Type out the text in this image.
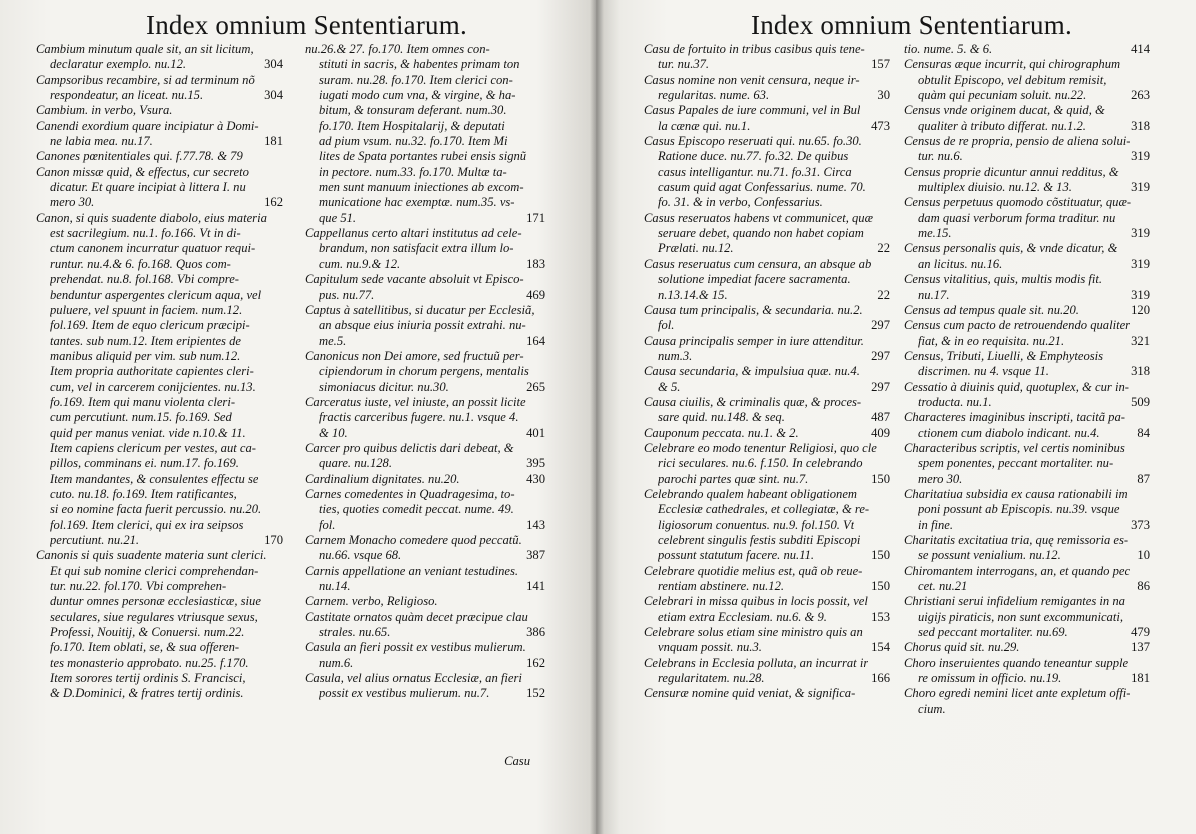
Index omnium Sententiarum.
Cambium minutum quale sit, an sit licitum,
declaratur exemplo. nu.12.	304
Campsoribus recambire, si ad terminum nõ
respondeatur, an liceat. nu.15.	304
Cambium. in verbo, Vsura.
Canendi exordium quare incipiatur à Domi-
ne labia mea. nu.17.	181
Canones pœnitentiales qui. f.77.78. & 79
Canon missæ quid, & effectus, cur secreto
dicatur. Et quare incipiat à littera I. nu
mero 30.	162
Canon, si quis suadente diabolo, eius materia
est sacrilegium. nu.1. fo.166. Vt in di-
ctum canonem incurratur quatuor requi-
runtur. nu.4.& 6. fo.168. Quos com-
prehendat. nu.8. fol.168. Vbi compre-
benduntur aspergentes clericum aqua, vel
puluere, vel spuunt in faciem. num.12.
fol.169. Item de equo clericum præcipi-
tantes. sub num.12. Item eripientes de
manibus aliquid per vim. sub num.12.
Item propria authoritate capientes cleri-
cum, vel in carcerem conijcientes. nu.13.
fo.169. Item qui manu violenta cleri-
cum percutiunt. num.15. fo.169. Sed
quid per manus veniat. vide n.10.& 11.
Item capiens clericum per vestes, aut ca-
pillos, comminans ei. num.17. fo.169.
Item mandantes, & consulentes effectu se
cuto. nu.18. fo.169. Item ratificantes,
si eo nomine facta fuerit percussio. nu.20.
fol.169. Item clerici, qui ex ira seipsos
percutiunt. nu.21.	170
Canonis si quis suadente materia sunt clerici.
Et qui sub nomine clerici comprehendan-
tur. nu.22. fol.170. Vbi comprehen-
duntur omnes personæ ecclesiasticæ, siue
seculares, siue regulares vtriusque sexus,
Professi, Nouitij, & Conuersi. num.22.
fo.170. Item oblati, se, & sua offeren-
tes monasterio approbato. nu.25. f.170.
Item sorores tertij ordinis S. Francisci,
& D.Dominici, & fratres tertij ordinis.
nu.26.& 27. fo.170. Item omnes con-
stituti in sacris, & habentes primam ton
suram. nu.28. fo.170. Item clerici con-
iugati modo cum vna, & virgine, & ha-
bitum, & tonsuram deferant. num.30.
fo.170. Item Hospitalarij, & deputati
ad pium vsum. nu.32. fo.170. Item Mi
lites de Spata portantes rubei ensis signũ
in pectore. num.33. fo.170. Multæ ta-
men sunt manuum iniectiones ab excom-
municatione hac exemptæ. num.35. vs-
que 51.	171
Cappellanus certo altari institutus ad cele-
brandum, non satisfacit extra illum lo-
cum. nu.9.& 12.	183
Capitulum sede vacante absoluit vt Episco-
pus. nu.77.	469
Captus à satellitibus, si ducatur per Ecclesiã,
an absque eius iniuria possit extrahi. nu-
me.5.	164
Canonicus non Dei amore, sed fructuũ per-
cipiendorum in chorum pergens, mentalis
simoniacus dicitur. nu.30.	265
Carceratus iuste, vel iniuste, an possit licite
fractis carceribus fugere. nu.1. vsque 4.
& 10.	401
Carcer pro quibus delictis dari debeat, &
quare. nu.128.	395
Cardinalium dignitates. nu.20.	430
Carnes comedentes in Quadragesima, to-
ties, quoties comedit peccat. nume. 49.
fol.	143
Carnem Monacho comedere quod peccatũ.
nu.66. vsque 68.	387
Carnis appellatione an veniant testudines.
nu.14.	141
Carnem. verbo, Religioso.
Castitate ornatos quàm decet præcipue clau
strales. nu.65.	386
Casula an fieri possit ex vestibus mulierum.
num.6.	162
Casula, vel alius ornatus Ecclesiæ, an fieri
possit ex vestibus mulierum. nu.7.	152
Casu
Index omnium Sententiarum.
Casu de fortuito in tribus casibus quis tene-
tur. nu.37.	157
Casus nomine non venit censura, neque ir-
regularitas. nume. 63.	30
Casus Papales de iure communi, vel in Bul
la cænæ qui. nu.1.	473
Casus Episcopo reseruati qui. nu.65. fo.30.
Ratione duce. nu.77. fo.32. De quibus
casus intelligantur. nu.71. fo.31. Circa
casum quid agat Confessarius. nume. 70.
fo. 31. & in verbo, Confessarius.
Casus reseruatos habens vt communicet, quæ
seruare debet, quando non habet copiam
Prælati. nu.12.	22
Casus reseruatus cum censura, an absque ab
solutione impediat facere sacramenta.
n.13.14.& 15.	22
Causa tum principalis, & secundaria. nu.2.
fol.	297
Causa principalis semper in iure attenditur.
num.3.	297
Causa secundaria, & impulsiua quæ. nu.4.
& 5.	297
Causa ciuilis, & criminalis quæ, & proces-
sare quid. nu.148. & seq.	487
Cauponum peccata. nu.1. & 2.	409
Celebrare eo modo tenentur Religiosi, quo cle
rici seculares. nu.6. f.150. In celebrando
parochi partes quæ sint. nu.7.	150
Celebrando qualem habeant obligationem
Ecclesiæ cathedrales, et collegiatæ, & re-
ligiosorum conuentus. nu.9. fol.150. Vt
celebrent singulis festis subditi Episcopi
possunt statutum facere. nu.11.	150
Celebrare quotidie melius est, quã ob reue-
rentiam abstinere. nu.12.	150
Celebrari in missa quibus in locis possit, vel
etiam extra Ecclesiam. nu.6. & 9.	153
Celebrare solus etiam sine ministro quis an
vnquam possit. nu.3.	154
Celebrans in Ecclesia polluta, an incurrat ir
regularitatem. nu.28.	166
Censuræ nomine quid veniat, & significa-
tio. nume. 5. & 6.	414
Censuras æque incurrit, qui chirographum
obtulit Episcopo, vel debitum remisit,
quàm qui pecuniam soluit. nu.22.	263
Census vnde originem ducat, & quid, &
qualiter à tributo differat. nu.1.2.	318
Census de re propria, pensio de aliena solui-
tur. nu.6.	319
Census proprie dicuntur annui redditus, &
multiplex diuisio. nu.12. & 13.	319
Census perpetuus quomodo cõstituatur, quæ-
dam quasi verborum forma traditur. nu
me.15.	319
Census personalis quis, & vnde dicatur, &
an licitus. nu.16.	319
Census vitalitius, quis, multis modis fit.
nu.17.	319
Census ad tempus quale sit. nu.20.	120
Census cum pacto de retrouendendo qualiter
fiat, & in eo requisita. nu.21.	321
Census, Tributi, Liuelli, & Emphyteosis
discrimen. nu 4. vsque 11.	318
Cessatio à diuinis quid, quotuplex, & cur in-
troducta. nu.1.	509
Characteres imaginibus inscripti, tacitã pa-
ctionem cum diabolo indicant. nu.4.	84
Characteribus scriptis, vel certis nominibus
spem ponentes, peccant mortaliter. nu-
mero 30.	87
Charitatiua subsidia ex causa rationabili im
poni possunt ab Episcopis. nu.39. vsque
in fine.	373
Charitatis excitatiua tria, quę remissoria es-
se possunt venialium. nu.12.	10
Chiromantem interrogans, an, et quando pec
cet. nu.21	86
Christiani serui infidelium remigantes in na
uigijs piraticis, non sunt excommunicati,
sed peccant mortaliter. nu.69.	479
Chorus quid sit. nu.29.	137
Choro inseruientes quando teneantur supple
re omissum in officio. nu.19.	181
Choro egredi nemini licet ante expletum offi-
cium.
